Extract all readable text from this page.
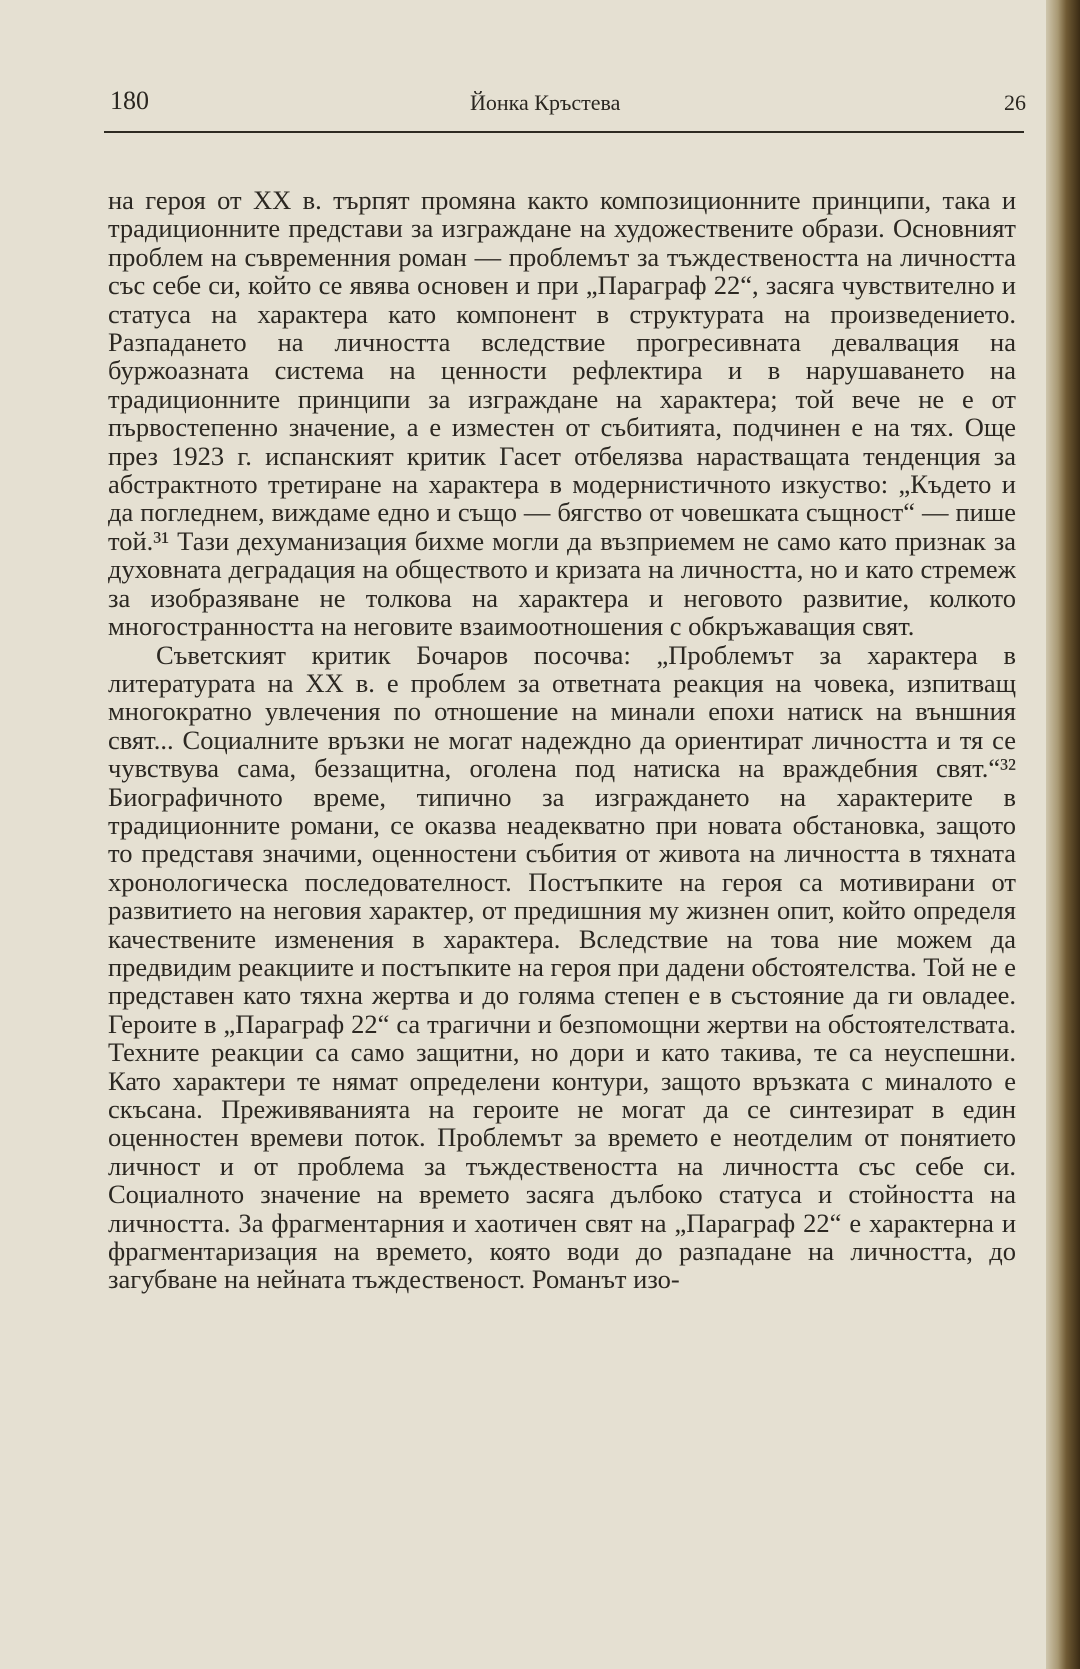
180	Йонка Кръстева	26

на героя от XX в. търпят промяна както композиционните принципи, така и традиционните представи за изграждане на художествените образи. Основният проблем на съвременния роман — проблемът за тъждествеността на личността със себе си, който се явява основен и при „Параграф 22“, засяга чувствително и статуса на характера като компонент в структурата на произведението. Разпадането на личността вследствие прогресивната девалвация на буржоазната система на ценности рефлектира и в нарушаването на традиционните принципи за изграждане на характера; той вече не е от първостепенно значение, а е изместен от събитията, подчинен е на тях. Още през 1923 г. испанският критик Гасет отбелязва нарастващата тенденция за абстрактното третиране на характера в модернистичното изкуство: „Където и да погледнем, виждаме едно и също — бягство от човешката същност“ — пише той.³¹ Тази дехуманизация бихме могли да възприемем не само като признак за духовната деградация на обществото и кризата на личността, но и като стремеж за изобразяване не толкова на характера и неговото развитие, колкото многостранността на неговите взаимоотношения с обкръжаващия свят.

Съветският критик Бочаров посочва: „Проблемът за характера в литературата на XX в. е проблем за ответната реакция на човека, изпитващ многократно увлечения по отношение на минали епохи натиск на външния свят... Социалните връзки не могат надеждно да ориентират личността и тя се чувствува сама, беззащитна, оголена под натиска на враждебния свят.“³² Биографичното време, типично за изграждането на характерите в традиционните романи, се оказва неадекватно при новата обстановка, защото то представя значими, оценностени събития от живота на личността в тяхната хронологическа последователност. Постъпките на героя са мотивирани от развитието на неговия характер, от предишния му жизнен опит, който определя качествените изменения в характера. Вследствие на това ние можем да предвидим реакциите и постъпките на героя при дадени обстоятелства. Той не е представен като тяхна жертва и до голяма степен е в състояние да ги овладее. Героите в „Параграф 22“ са трагични и безпомощни жертви на обстоятелствата. Техните реакции са само защитни, но дори и като такива, те са неуспешни. Като характери те нямат определени контури, защото връзката с миналото е скъсана. Преживяванията на героите не могат да се синтезират в един оценностен времеви поток. Проблемът за времето е неотделим от понятието личност и от проблема за тъждествеността на личността със себе си. Социалното значение на времето засяга дълбоко статуса и стойността на личността. За фрагментарния и хаотичен свят на „Параграф 22“ е характерна и фрагментаризация на времето, която води до разпадане на личността, до загубване на нейната тъждественост. Романът изо-
